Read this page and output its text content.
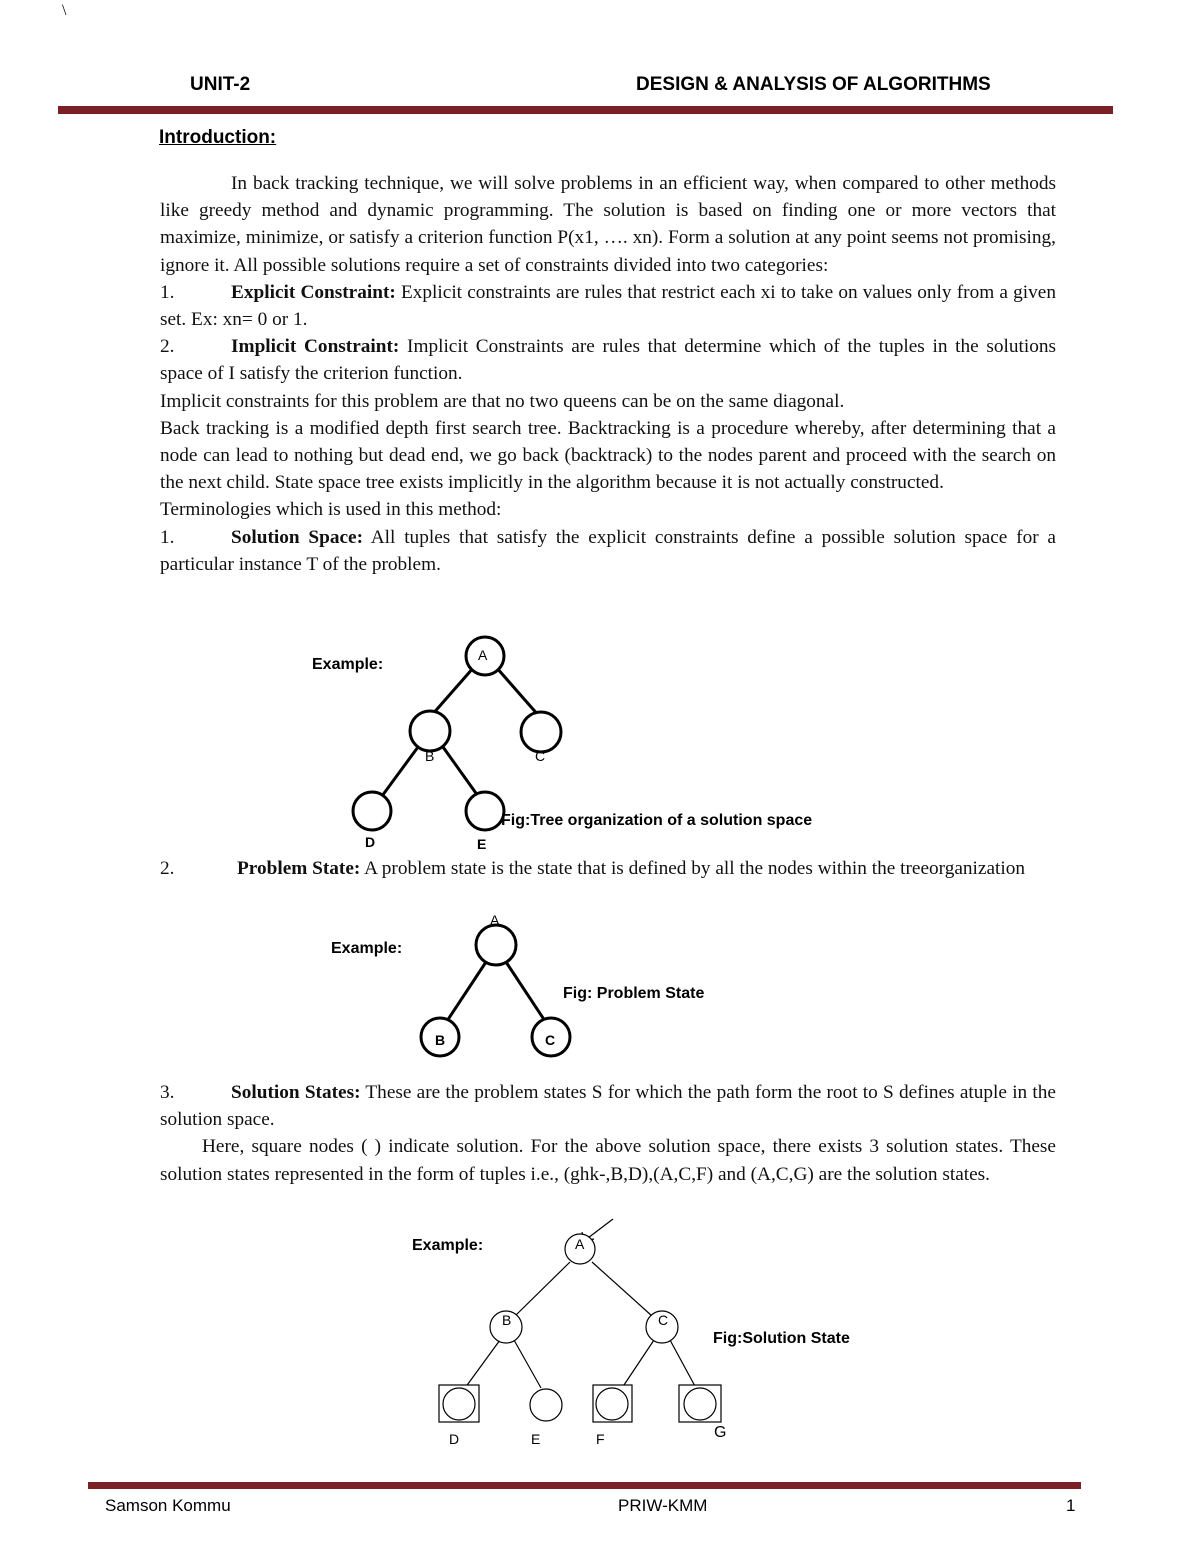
\
UNIT-2	DESIGN & ANALYSIS OF ALGORITHMS
Introduction:

In back tracking technique, we will solve problems in an efficient way, when compared to other methods like greedy method and dynamic programming. The solution is based on finding one or more vectors that maximize, minimize, or satisfy a criterion function P(x1, …. xn). Form a solution at any point seems not promising, ignore it. All possible solutions require a set of constraints divided into two categories:

1.	Explicit Constraint: Explicit constraints are rules that restrict each xi to take on values only from a given set. Ex: xn= 0 or 1.

2.	Implicit Constraint: Implicit Constraints are rules that determine which of the tuples in the solutions space of I satisfy the criterion function.

Implicit constraints for this problem are that no two queens can be on the same diagonal.

Back tracking is a modified depth first search tree. Backtracking is a procedure whereby, after determining that a node can lead to nothing but dead end, we go back (backtrack) to the nodes parent and proceed with the search on the next child. State space tree exists implicitly in the algorithm because it is not actually constructed.

Terminologies which is used in this method:

1.	Solution Space: All tuples that satisfy the explicit constraints define a possible solution space for a particular instance T of the problem.

Example:
A
B	C
D	E
Fig:Tree organization of a solution space

2.	Problem State: A problem state is the state that is defined by all the nodes within the treeorganization

Example:
A
B	C
Fig: Problem State

3.	Solution States: These are the problem states S for which the path form the root to S defines atuple in the solution space.

Here, square nodes ( ) indicate solution. For the above solution space, there exists 3 solution states. These solution states represented in the form of tuples i.e., (ghk-,B,D),(A,C,F) and (A,C,G) are the solution states.

Example:	A
B	C
D	E	F	G
Fig:Solution State
Samson Kommu	PRIW-KMM	1
